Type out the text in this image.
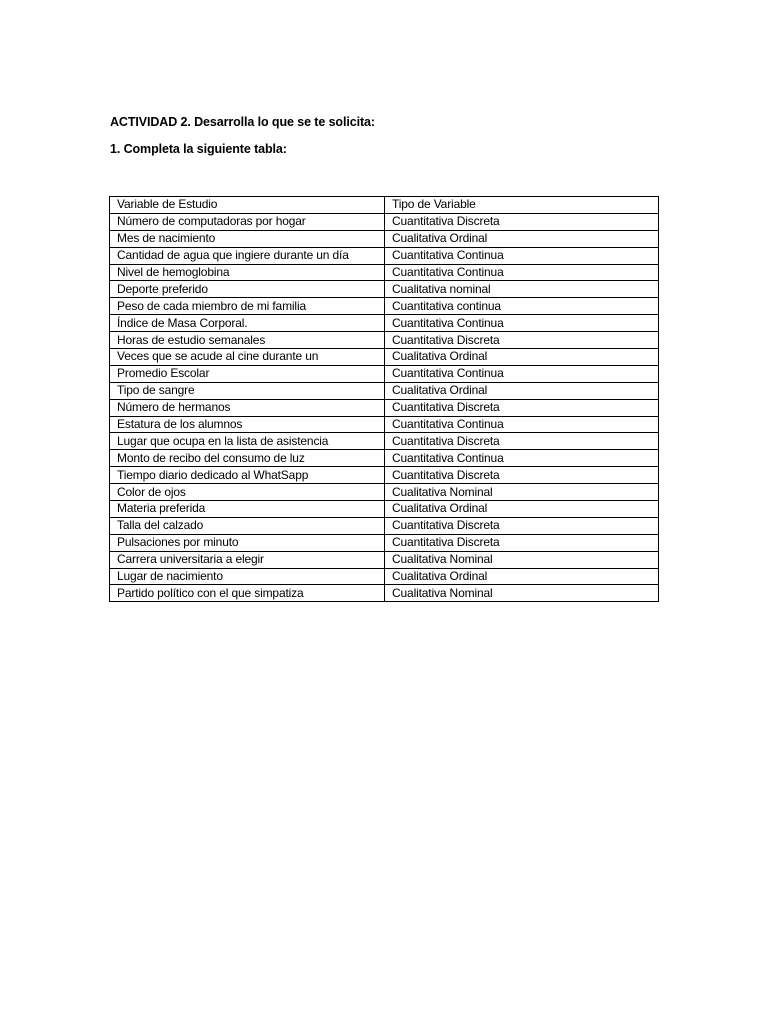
ACTIVIDAD 2. Desarrolla lo que se te solicita:
1. Completa la siguiente tabla:
Variable de Estudio	Tipo de Variable
Número de computadoras por hogar	Cuantitativa Discreta
Mes de nacimiento	Cualitativa Ordinal
Cantidad de agua que ingiere durante un día	Cuantitativa Continua
Nivel de hemoglobina	Cuantitativa Continua
Deporte preferido	Cualitativa nominal
Peso de cada miembro de mi familia	Cuantitativa continua
Índice de Masa Corporal.	Cuantitativa Continua
Horas de estudio semanales	Cuantitativa Discreta
Veces que se acude al cine durante un	Cualitativa Ordinal
Promedio Escolar	Cuantitativa Continua
Tipo de sangre	Cualitativa Ordinal
Número de hermanos	Cuantitativa Discreta
Estatura de los alumnos	Cuantitativa Continua
Lugar que ocupa en la lista de asistencia	Cuantitativa Discreta
Monto de recibo del consumo de luz	Cuantitativa Continua
Tiempo diario dedicado al WhatSapp	Cuantitativa Discreta
Color de ojos	Cualitativa Nominal
Materia preferida	Cualitativa Ordinal
Talla del calzado	Cuantitativa Discreta
Pulsaciones por minuto	Cuantitativa Discreta
Carrera universitaria a elegir	Cualitativa Nominal
Lugar de nacimiento	Cualitativa Ordinal
Partido político con el que simpatiza	Cualitativa Nominal
